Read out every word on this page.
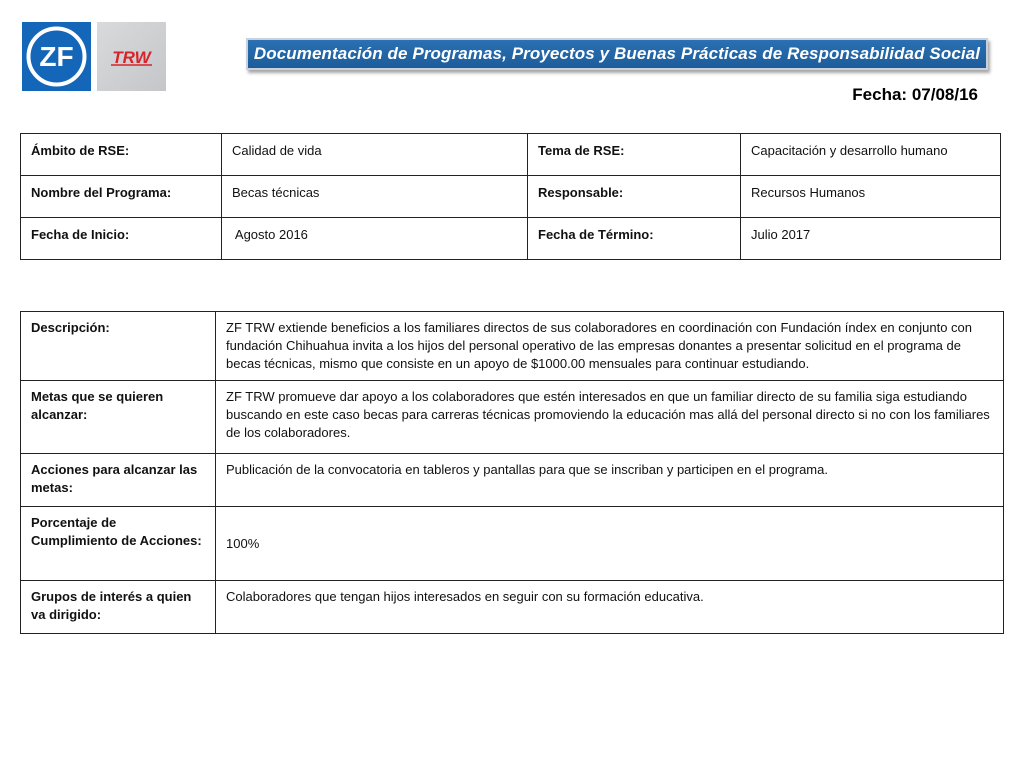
ZF TRW	Documentación de Programas, Proyectos y Buenas Prácticas de Responsabilidad Social
Fecha: 07/08/16
Ámbito de RSE:	Calidad de vida	Tema de RSE:	Capacitación y desarrollo humano
Nombre del Programa:	Becas técnicas	Responsable:	Recursos Humanos
Fecha de Inicio:	Agosto 2016	Fecha de Término:	Julio 2017
Descripción:	ZF TRW extiende beneficios a los familiares directos de sus colaboradores en coordinación con Fundación índex en conjunto con fundación Chihuahua invita a los hijos del personal operativo de las empresas donantes a presentar solicitud en el programa de becas técnicas, mismo que consiste en un apoyo de $1000.00 mensuales para continuar estudiando.
Metas que se quieren alcanzar:	ZF TRW promueve dar apoyo a los colaboradores que estén interesados en que un familiar directo de su familia siga estudiando buscando en este caso becas para carreras técnicas promoviendo la educación mas allá del personal directo si no con los familiares de los colaboradores.
Acciones para alcanzar las metas:	Publicación de la convocatoria en tableros y pantallas para que se inscriban y participen en el programa.
Porcentaje de Cumplimiento de Acciones:	100%
Grupos de interés a quien va dirigido:	Colaboradores que tengan hijos interesados en seguir con su formación educativa.
